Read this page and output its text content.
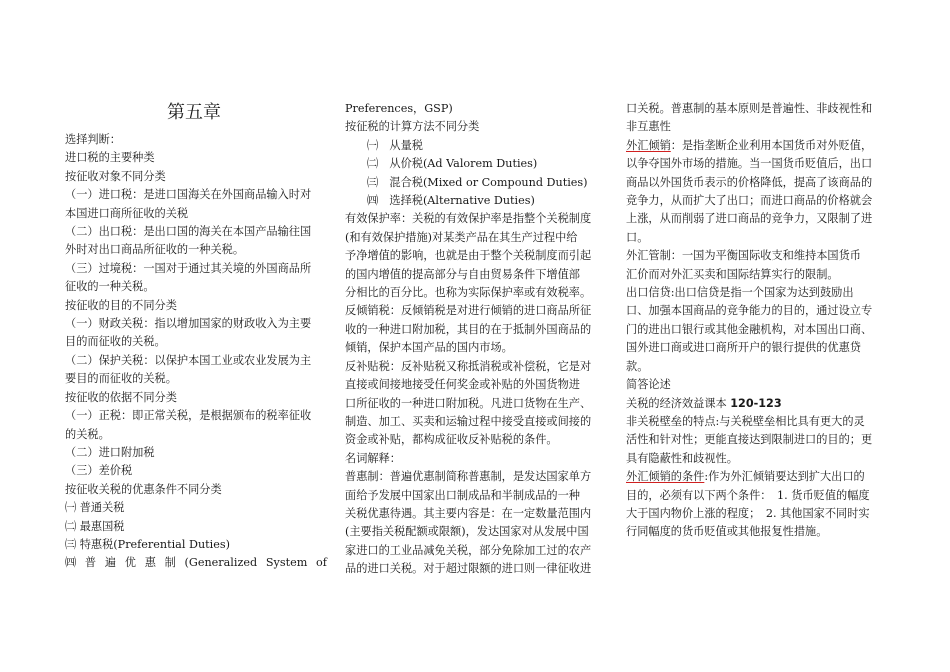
第五章

选择判断：

进口税的主要种类

按征收对象不同分类

（一）进口税：是进口国海关在外国商品输入时对

本国进口商所征收的关税

（二）出口税：是出口国的海关在本国产品输往国

外时对出口商品所征收的一种关税。

（三）过境税：一国对于通过其关境的外国商品所

征收的一种关税。

按征收的目的不同分类

（一）财政关税：指以增加国家的财政收入为主要

目的而征收的关税。

（二）保护关税：以保护本国工业或农业发展为主

要目的而征收的关税。

按征收的依据不同分类

（一）正税：即正常关税，是根据颁布的税率征收

的关税。

（二）进口附加税

（三）差价税

按征收关税的优惠条件不同分类

㈠ 普通关税

㈡ 最惠国税

㈢ 特惠税(Preferential Duties)

㈣ 普 遍 优 惠 制 (Generalized System of

Preferences，GSP)

按征税的计算方法不同分类

㈠　从量税

㈡　从价税(Ad Valorem Duties)

㈢　混合税(Mixed or Compound Duties)

㈣　选择税(Alternative Duties)

有效保护率：关税的有效保护率是指整个关税制度

(和有效保护措施)对某类产品在其生产过程中给

予净增值的影响，也就是由于整个关税制度而引起

的国内增值的提高部分与自由贸易条件下增值部

分相比的百分比。也称为实际保护率或有效税率。

反倾销税：反倾销税是对进行倾销的进口商品所征

收的一种进口附加税，其目的在于抵制外国商品的

倾销，保护本国产品的国内市场。

反补贴税：反补贴税又称抵消税或补偿税，它是对

直接或间接地接受任何奖金或补贴的外国货物进

口所征收的一种进口附加税。凡进口货物在生产、

制造、加工、买卖和运输过程中接受直接或间接的

资金或补贴，都构成征收反补贴税的条件。

名词解释：

普惠制：普遍优惠制简称普惠制，是发达国家单方

面给予发展中国家出口制成品和半制成品的一种

关税优惠待遇。其主要内容是：在一定数量范围内

(主要指关税配额或限额)，发达国家对从发展中国

家进口的工业品减免关税，部分免除加工过的农产

品的进口关税。对于超过限额的进口则一律征收进

口关税。普惠制的基本原则是普遍性、非歧视性和

非互惠性

外汇倾销：是指垄断企业利用本国货币对外贬值，

以争夺国外市场的措施。当一国货币贬值后，出口

商品以外国货币表示的价格降低，提高了该商品的

竞争力，从而扩大了出口；而进口商品的价格就会

上涨，从而削弱了进口商品的竞争力，又限制了进

口。

外汇管制：一国为平衡国际收支和维持本国货币

汇价而对外汇买卖和国际结算实行的限制。

出口信贷:出口信贷是指一个国家为达到鼓励出

口、加强本国商品的竞争能力的目的，通过设立专

门的进出口银行或其他金融机构，对本国出口商、

国外进口商或进口商所开户的银行提供的优惠贷

款。

简答论述

关税的经济效益课本 120-123

非关税壁垒的特点:与关税壁垒相比具有更大的灵

活性和针对性；更能直接达到限制进口的目的；更

具有隐蔽性和歧视性。

外汇倾销的条件:作为外汇倾销要达到扩大出口的

目的，必须有以下两个条件：　1. 货币贬值的幅度

大于国内物价上涨的程度；　2. 其他国家不同时实

行同幅度的货币贬值或其他报复性措施。
